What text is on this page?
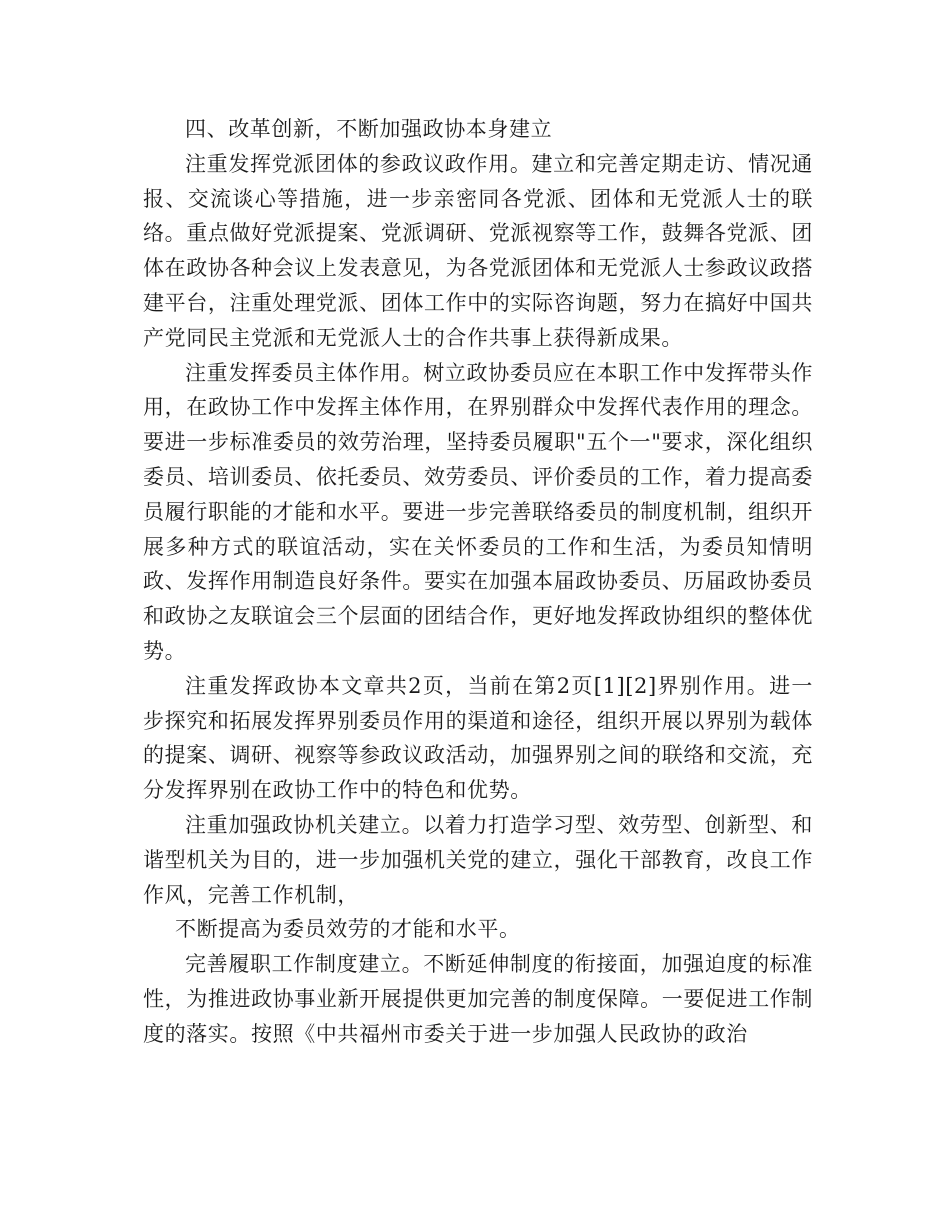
四、改革创新，不断加强政协本身建立

注重发挥党派团体的参政议政作用。建立和完善定期走访、情况通报、交流谈心等措施，进一步亲密同各党派、团体和无党派人士的联络。重点做好党派提案、党派调研、党派视察等工作，鼓舞各党派、团体在政协各种会议上发表意见，为各党派团体和无党派人士参政议政搭建平台，注重处理党派、团体工作中的实际咨询题，努力在搞好中国共产党同民主党派和无党派人士的合作共事上获得新成果。

注重发挥委员主体作用。树立政协委员应在本职工作中发挥带头作用，在政协工作中发挥主体作用，在界别群众中发挥代表作用的理念。要进一步标准委员的效劳治理，坚持委员履职"五个一"要求，深化组织委员、培训委员、依托委员、效劳委员、评价委员的工作，着力提高委员履行职能的才能和水平。要进一步完善联络委员的制度机制，组织开展多种方式的联谊活动，实在关怀委员的工作和生活，为委员知情明政、发挥作用制造良好条件。要实在加强本届政协委员、历届政协委员和政协之友联谊会三个层面的团结合作，更好地发挥政协组织的整体优势。

注重发挥政协本文章共2页，当前在第2页[1][2]界别作用。进一步探究和拓展发挥界别委员作用的渠道和途径，组织开展以界别为载体的提案、调研、视察等参政议政活动，加强界别之间的联络和交流，充分发挥界别在政协工作中的特色和优势。

注重加强政协机关建立。以着力打造学习型、效劳型、创新型、和谐型机关为目的，进一步加强机关党的建立，强化干部教育，改良工作作风，完善工作机制，

不断提高为委员效劳的才能和水平。

完善履职工作制度建立。不断延伸制度的衔接面，加强迫度的标准性，为推进政协事业新开展提供更加完善的制度保障。一要促进工作制度的落实。按照《中共福州市委关于进一步加强人民政协的政治
